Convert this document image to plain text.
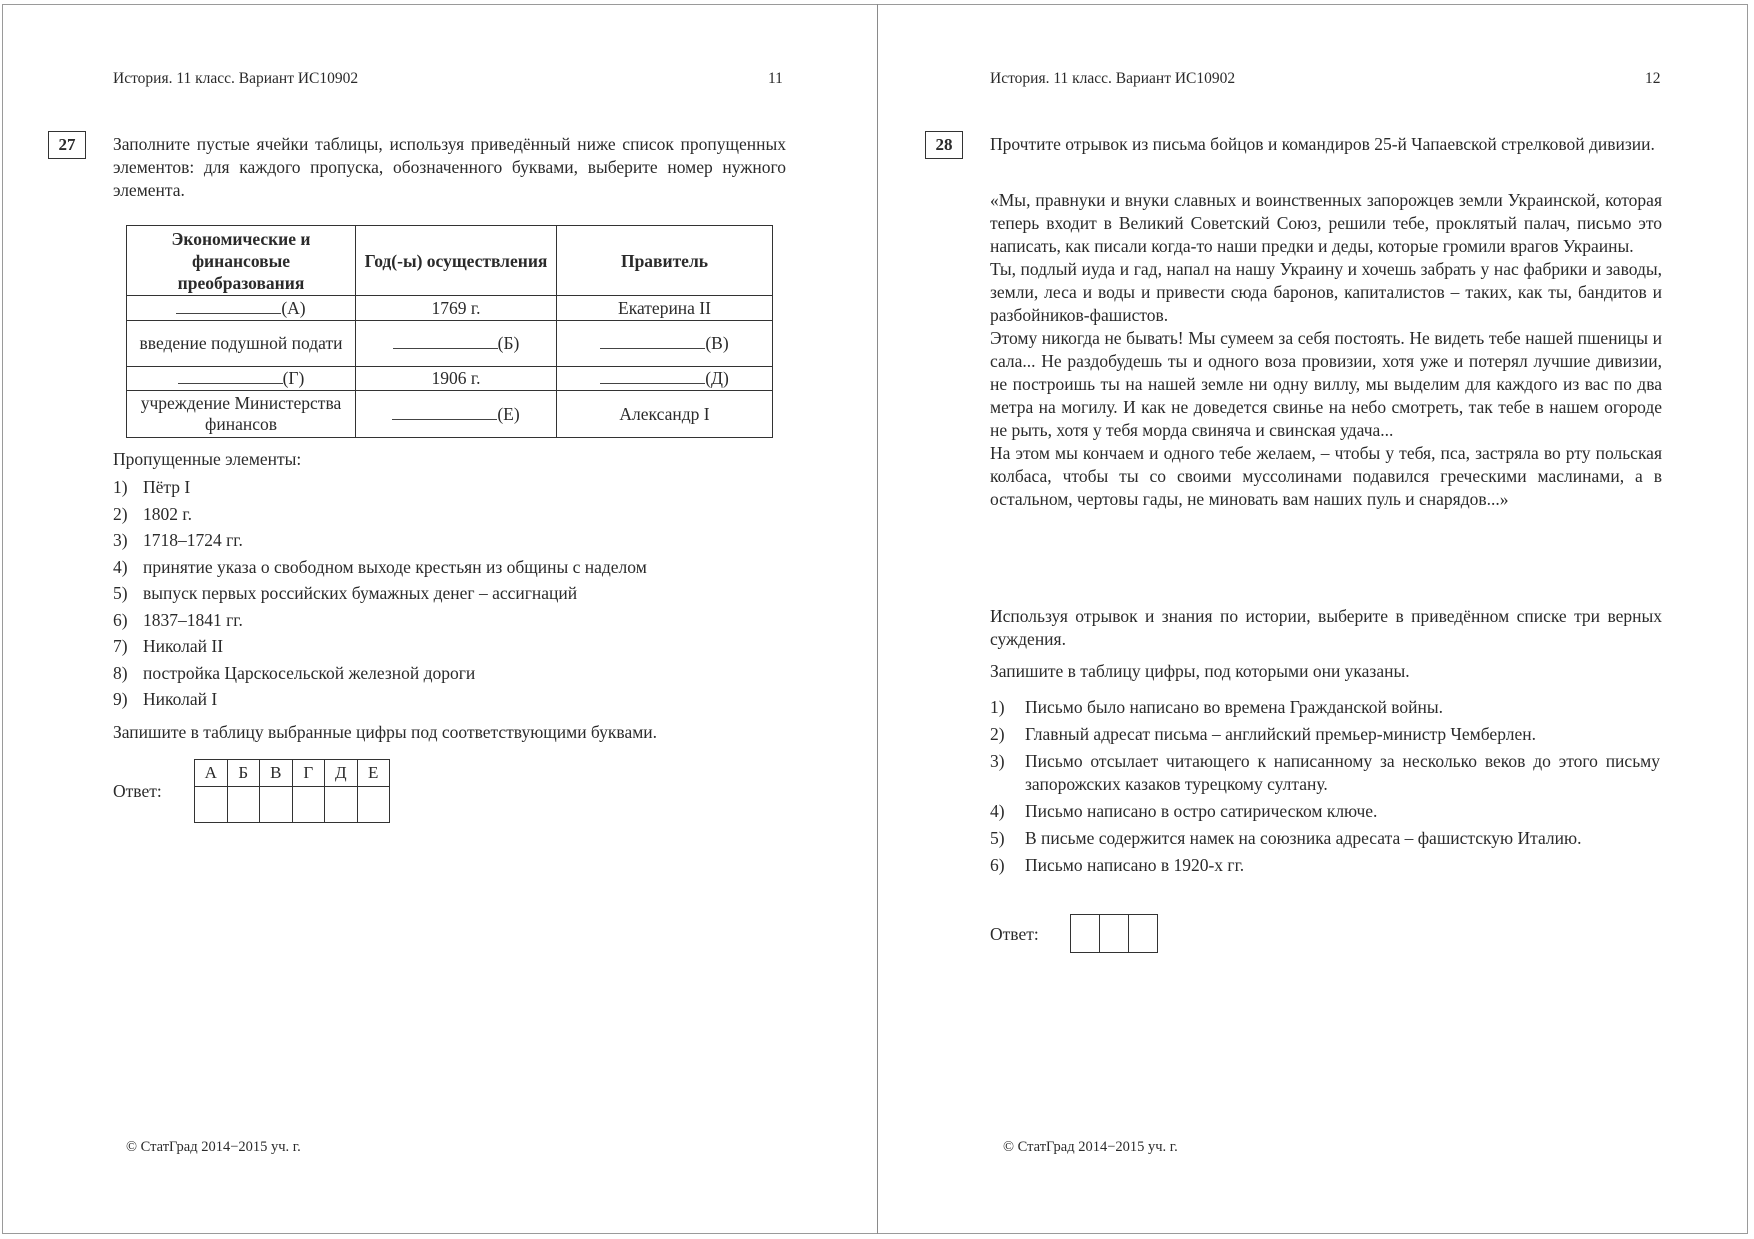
История. 11 класс. Вариант ИС10902	11
27	Заполните пустые ячейки таблицы, используя приведённый ниже список пропущенных элементов: для каждого пропуска, обозначенного буквами, выберите номер нужного элемента.
Экономические и финансовые преобразования	Год(-ы) осуществления	Правитель
(А)	1769 г.	Екатерина II
введение подушной подати	(Б)	(В)
(Г)	1906 г.	(Д)
учреждение Министерства финансов	(Е)	Александр I
Пропущенные элементы:
1) Пётр I
2) 1802 г.
3) 1718–1724 гг.
4) принятие указа о свободном выходе крестьян из общины с наделом
5) выпуск первых российских бумажных денег – ассигнаций
6) 1837–1841 гг.
7) Николай II
8) постройка Царскосельской железной дороги
9) Николай I
Запишите в таблицу выбранные цифры под соответствующими буквами.
Ответ:
А	Б	В	Г	Д	Е

© СтатГрад 2014−2015 уч. г.
История. 11 класс. Вариант ИС10902	12
28	Прочтите отрывок из письма бойцов и командиров 25-й Чапаевской стрелковой дивизии.

«Мы, правнуки и внуки славных и воинственных запорожцев земли Украинской, которая теперь входит в Великий Советский Союз, решили тебе, проклятый палач, письмо это написать, как писали когда-то наши предки и деды, которые громили врагов Украины.

Ты, подлый иуда и гад, напал на нашу Украину и хочешь забрать у нас фабрики и заводы, земли, леса и воды и привести сюда баронов, капиталистов – таких, как ты, бандитов и разбойников-фашистов.

Этому никогда не бывать! Мы сумеем за себя постоять. Не видеть тебе нашей пшеницы и сала... Не раздобудешь ты и одного воза провизии, хотя уже и потерял лучшие дивизии, не построишь ты на нашей земле ни одну виллу, мы выделим для каждого из вас по два метра на могилу. И как не доведется свинье на небо смотреть, так тебе в нашем огороде не рыть, хотя у тебя морда свиняча и свинская удача...

На этом мы кончаем и одного тебе желаем, – чтобы у тебя, пса, застряла во рту польская колбаса, чтобы ты со своими муссолинами подавился греческими маслинами, а в остальном, чертовы гады, не миновать вам наших пуль и снарядов...»

Используя отрывок и знания по истории, выберите в приведённом списке три верных суждения.
Запишите в таблицу цифры, под которыми они указаны.
1)	Письмо было написано во времена Гражданской войны.
2)	Главный адресат письма – английский премьер-министр Чемберлен.
3)	Письмо отсылает читающего к написанному за несколько веков до этого письму запорожских казаков турецкому султану.
4)	Письмо написано в остро сатирическом ключе.
5)	В письме содержится намек на союзника адресата – фашистскую Италию.
6)	Письмо написано в 1920-х гг.
Ответ:

© СтатГрад 2014−2015 уч. г.
